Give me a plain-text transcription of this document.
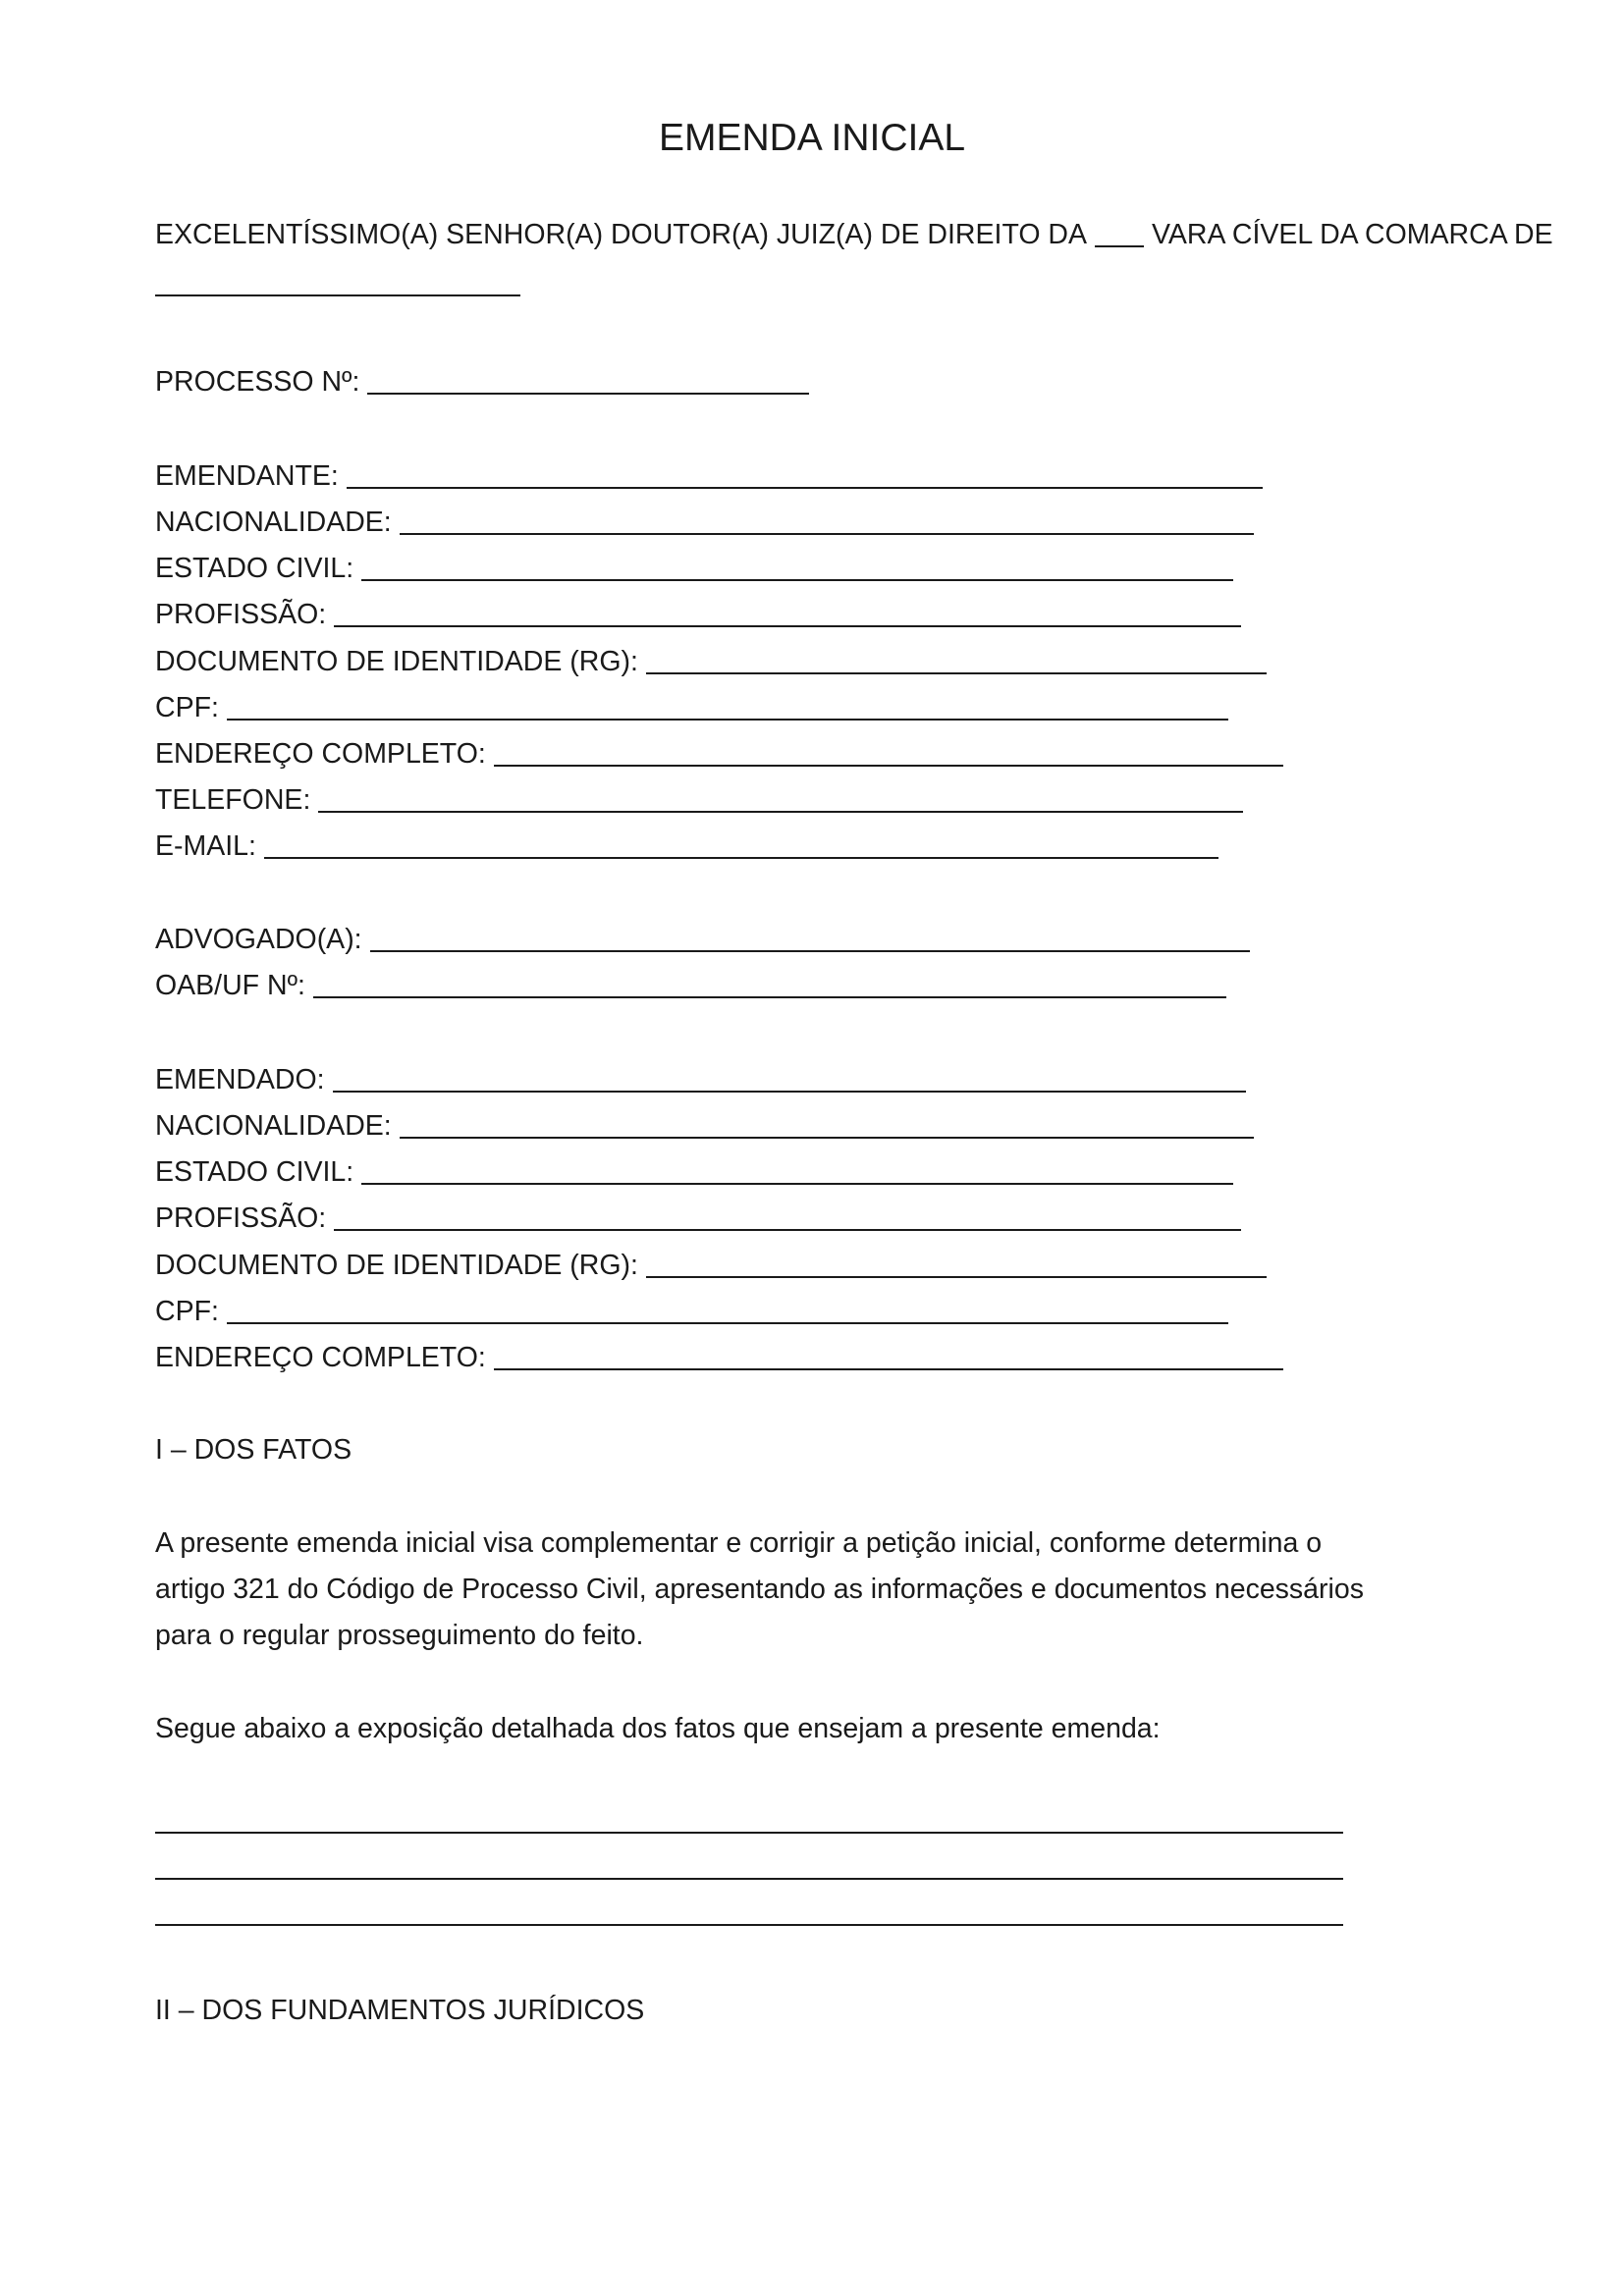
EMENDA INICIAL
EXCELENTÍSSIMO(A) SENHOR(A) DOUTOR(A) JUIZ(A) DE DIREITO DA VARA CÍVEL DA COMARCA DE
PROCESSO Nº:
EMENDANTE:
NACIONALIDADE:
ESTADO CIVIL:
PROFISSÃO:
DOCUMENTO DE IDENTIDADE (RG):
CPF:
ENDEREÇO COMPLETO:
TELEFONE:
E-MAIL:
ADVOGADO(A):
OAB/UF Nº:
EMENDADO:
NACIONALIDADE:
ESTADO CIVIL:
PROFISSÃO:
DOCUMENTO DE IDENTIDADE (RG):
CPF:
ENDEREÇO COMPLETO:
I – DOS FATOS
A presente emenda inicial visa complementar e corrigir a petição inicial, conforme determina o
artigo 321 do Código de Processo Civil, apresentando as informações e documentos necessários
para o regular prosseguimento do feito.
Segue abaixo a exposição detalhada dos fatos que ensejam a presente emenda:
II – DOS FUNDAMENTOS JURÍDICOS
